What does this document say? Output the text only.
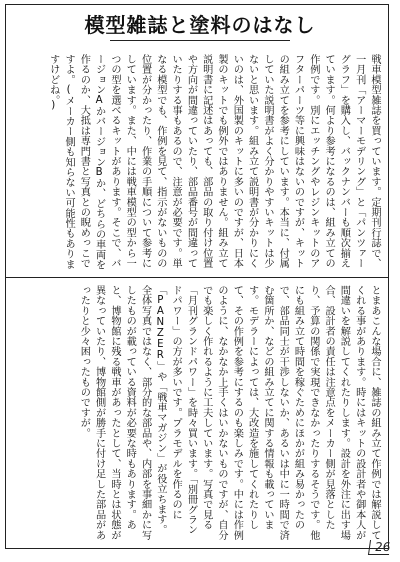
模型雑誌と塗料のはなし
戦車模型雑誌を買っています。定期刊行誌で、一月刊「アーマーモデリング」と「パンツァーグラフ」を購入し、バックナンバーも順次揃えています。何より参考になるのは、組み立ての作例です。別にエッチングやレジンキットのアフターパーツ等に興味はないのですが、キットの組み立てを参考にしています。本当に、付属していた説明書がよく分かりやすいキットは少ないと思います。組み立て説明書が分かりにくいのは、外国製のキットに多いのですが、日本製のキットでも例外ではありません。組み立て説明書に記述はあっても、部品の取り付け位置や方向が間違っていたり、部品番号が間違っていたりする事もあるので、注意が必要です。単なる模型でも、作例を見て、指示がないものの位置が分かったり、作業の手順について参考にしています。また、中には戦車模型の型から一つの型を選べるキットがあります。そこで、バージョンAかバージョンBか、どちらの車両を作るのか、大抵は専門書と写真との睨めっこですよ。(メーカー側も知らない可能性もありますけどね。)
とまあこんな場合に、雑誌の組み立て作例では解説してくれる事があります。時にはキットの設計者や御本人が間違いを解説してくれたりします。設計を外注に出す場合、設計者の責任は注意点をメーカー側が見落としたり、予算の関係で実現できなかったりするそうです。他にも組み立て時間を稼ぐためにほかが組み易かったので、部品同士が干渉しないか、あるいは中に一時間で済む箇所か、などの組み立てに関する情報も載っています。モデラーによっては、大改造を施してくれたりして、その作例を参考にするのも楽しみです。中には作例のように、なかなか上手くはいかないものですが、自分でも楽しく作れるように工夫しています。写真で見る「月刊グランドパワー」を時々買います。「別冊グランドパワー」の方が多いです。プラモデルを作るのに「PANZER」や「戦車マガジン」が役立ちます。全体写真ではなく、部分的な部品や、内部を事細かに写したものが載っている資料が必要な時もあります。あと、博物館に残る戦車があったとして、当時とは状態が異なっていたり、博物館側が勝手に付け足した部品があったりと少々困ったものですが。
26
